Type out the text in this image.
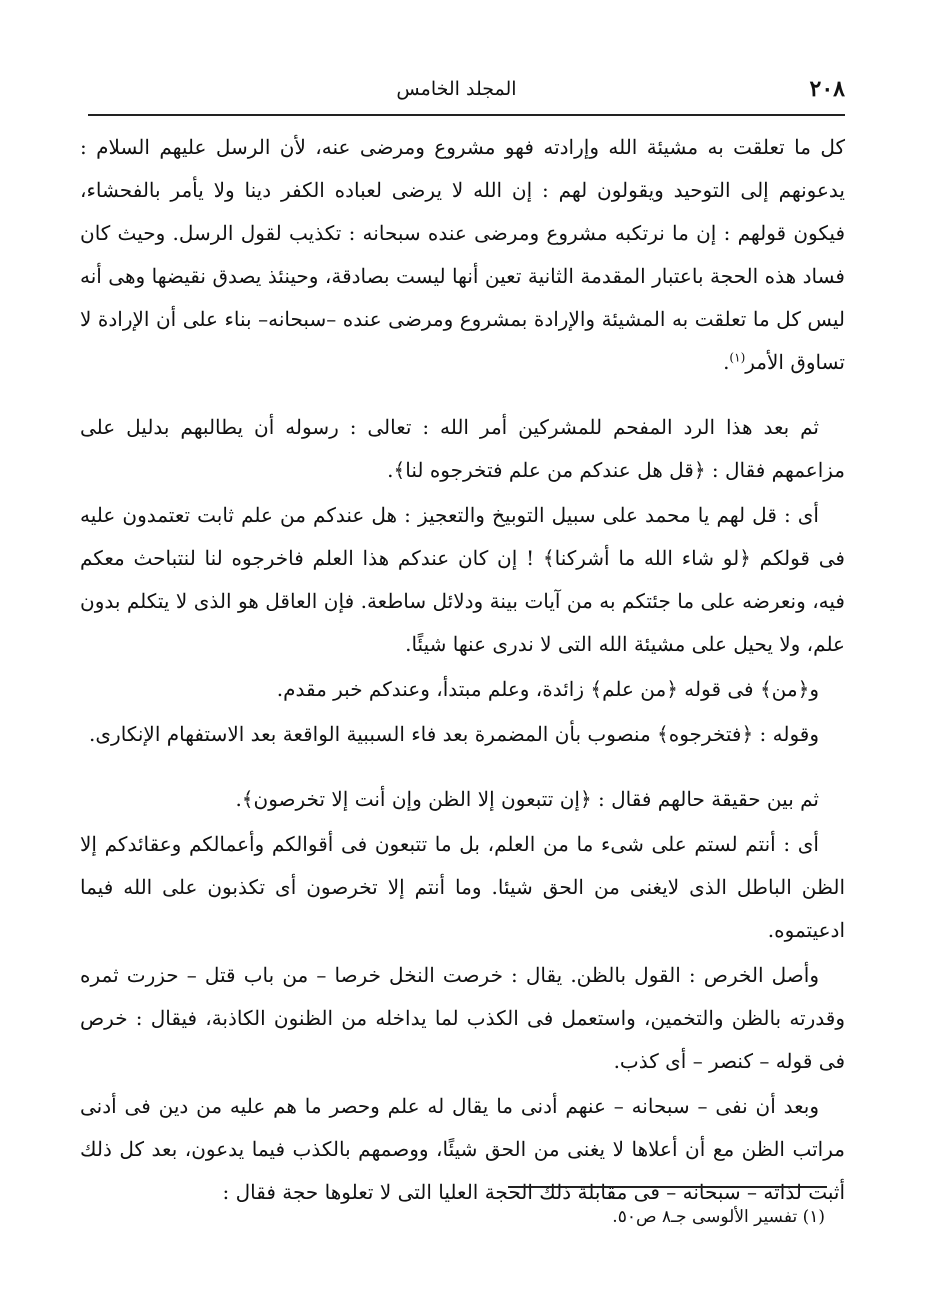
٢٠٨
المجلد الخامس

كل ما تعلقت به مشيئة الله وإرادته فهو مشروع ومرضى عنه، لأن الرسل عليهم السلام : يدعونهم إلى التوحيد ويقولون لهم : إن الله لا يرضى لعباده الكفر دينا ولا يأمر بالفحشاء، فيكون قولهم : إن ما نرتكبه مشروع ومرضى عنده سبحانه : تكذيب لقول الرسل. وحيث كان فساد هذه الحجة باعتبار المقدمة الثانية تعين أنها ليست بصادقة، وحينئذ يصدق نقيضها وهى أنه ليس كل ما تعلقت به المشيئة والإرادة بمشروع ومرضى عنده –سبحانه– بناء على أن الإرادة لا تساوق الأمر$^{(١)}$.

ثم بعد هذا الرد المفحم للمشركين أمر الله : تعالى : رسوله أن يطالبهم بدليل على مزاعمهم فقال : ﴿قل هل عندكم من علم فتخرجوه لنا﴾.

أى : قل لهم يا محمد على سبيل التوبيخ والتعجيز : هل عندكم من علم ثابت تعتمدون عليه فى قولكم ﴿لو شاء الله ما أشركنا﴾ ! إن كان عندكم هذا العلم فاخرجوه لنا لنتباحث معكم فيه، ونعرضه على ما جئتكم به من آيات بينة ودلائل ساطعة. فإن العاقل هو الذى لا يتكلم بدون علم، ولا يحيل على مشيئة الله التى لا ندرى عنها شيئًا.

و﴿من﴾ فى قوله ﴿من علم﴾ زائدة، وعلم مبتدأ، وعندكم خبر مقدم.

وقوله : ﴿فتخرجوه﴾ منصوب بأن المضمرة بعد فاء السببية الواقعة بعد الاستفهام الإنكارى.

ثم بين حقيقة حالهم فقال : ﴿إن تتبعون إلا الظن وإن أنت إلا تخرصون﴾.

أى : أنتم لستم على شىء ما من العلم، بل ما تتبعون فى أقوالكم وأعمالكم وعقائدكم إلا الظن الباطل الذى لايغنى من الحق شيئا. وما أنتم إلا تخرصون أى تكذبون على الله فيما ادعيتموه.

وأصل الخرص : القول بالظن. يقال : خرصت النخل خرصا – من باب قتل – حزرت ثمره وقدرته بالظن والتخمين، واستعمل فى الكذب لما يداخله من الظنون الكاذبة، فيقال : خرص فى قوله – كنصر – أى كذب.

وبعد أن نفى – سبحانه – عنهم أدنى ما يقال له علم وحصر ما هم عليه من دين فى أدنى مراتب الظن مع أن أعلاها لا يغنى من الحق شيئًا، ووصمهم بالكذب فيما يدعون، بعد كل ذلك أثبت لذاته – سبحانه – فى مقابلة ذلك الحجة العليا التى لا تعلوها حجة فقال :

(١) تفسير الألوسى جـ٨ ص٥٠.
